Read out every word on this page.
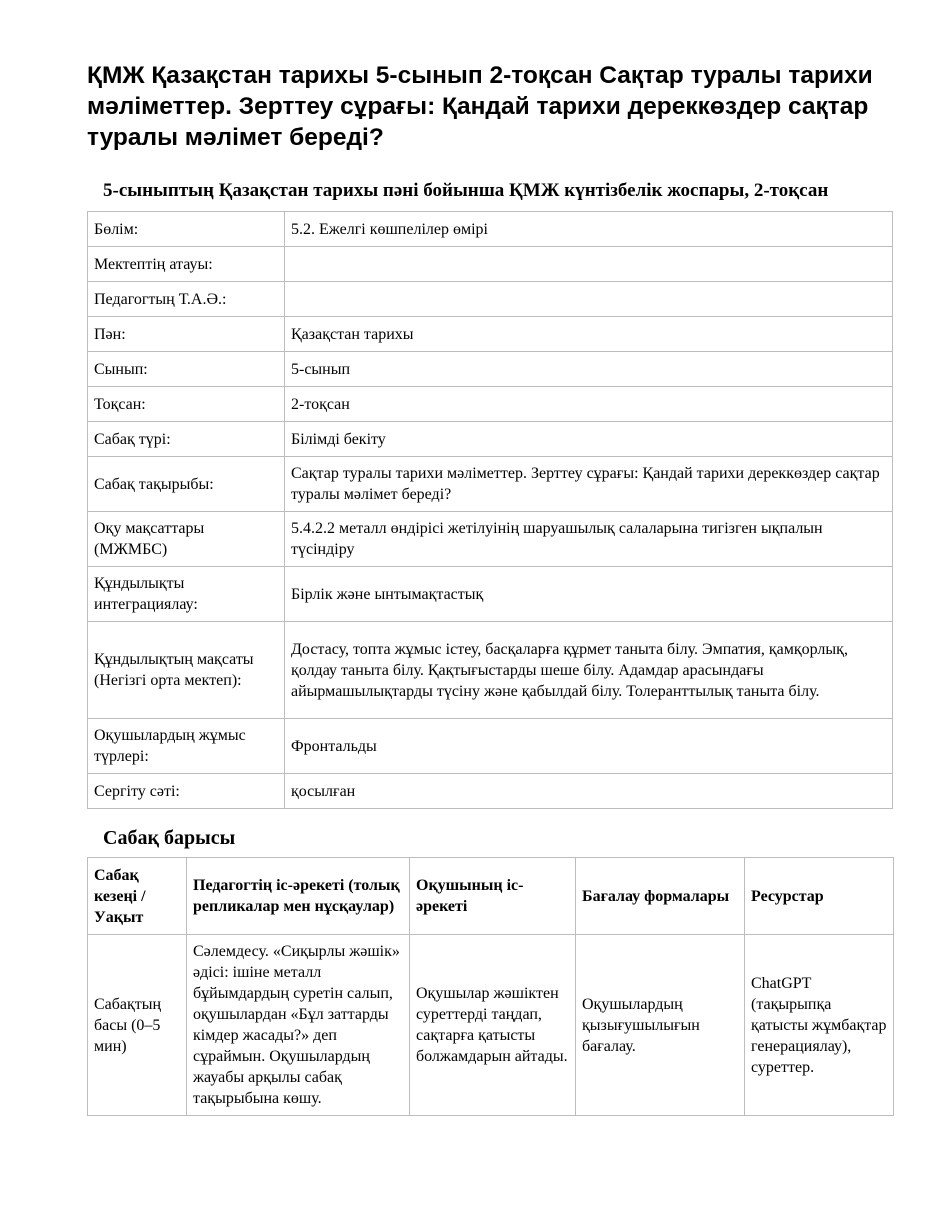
ҚМЖ Қазақстан тарихы 5-сынып 2-тоқсан Сақтар туралы тарихи мәліметтер. Зерттеу сұрағы: Қандай тарихи дереккөздер сақтар туралы мәлімет береді?
5-сыныптың Қазақстан тарихы пәні бойынша ҚМЖ күнтізбелік жоспары, 2-тоқсан
Бөлім:	5.2. Ежелгі көшпелілер өмірі
Мектептің атауы:	
Педагогтың Т.А.Ә.:	
Пән:	Қазақстан тарихы
Сынып:	5-сынып
Тоқсан:	2-тоқсан
Сабақ түрі:	Білімді бекіту
Сабақ тақырыбы:	Сақтар туралы тарихи мәліметтер. Зерттеу сұрағы: Қандай тарихи дереккөздер сақтар туралы мәлімет береді?
Оқу мақсаттары (МЖМБС)	5.4.2.2 металл өндірісі жетілуінің шаруашылық салаларына тигізген ықпалын түсіндіру
Құндылықты интеграциялау:	Бірлік және ынтымақтастық
Құндылықтың мақсаты (Негізгі орта мектеп):	Достасу, топта жұмыс істеу, басқаларға құрмет таныта білу. Эмпатия, қамқорлық, қолдау таныта білу. Қақтығыстарды шеше білу. Адамдар арасындағы айырмашылықтарды түсіну және қабылдай білу. Толеранттылық таныта білу.
Оқушылардың жұмыс түрлері:	Фронтальды
Сергіту сәті:	қосылған
Сабақ барысы
Сабақ кезеңі / Уақыт	Педагогтің іс-әрекеті (толық репликалар мен нұсқаулар)	Оқушының іс-әрекеті	Бағалау формалары	Ресурстар
Сабақтың басы (0–5 мин)	Сәлемдесу. «Сиқырлы жәшік» әдісі: ішіне металл бұйымдардың суретін салып, оқушылардан «Бұл заттарды кімдер жасады?» деп сұраймын. Оқушылардың жауабы арқылы сабақ тақырыбына көшу.	Оқушылар жәшіктен суреттерді таңдап, сақтарға қатысты болжамдарын айтады.	Оқушылардың қызығушылығын бағалау.	ChatGPT (тақырыпқа қатысты жұмбақтар генерациялау), суреттер.
